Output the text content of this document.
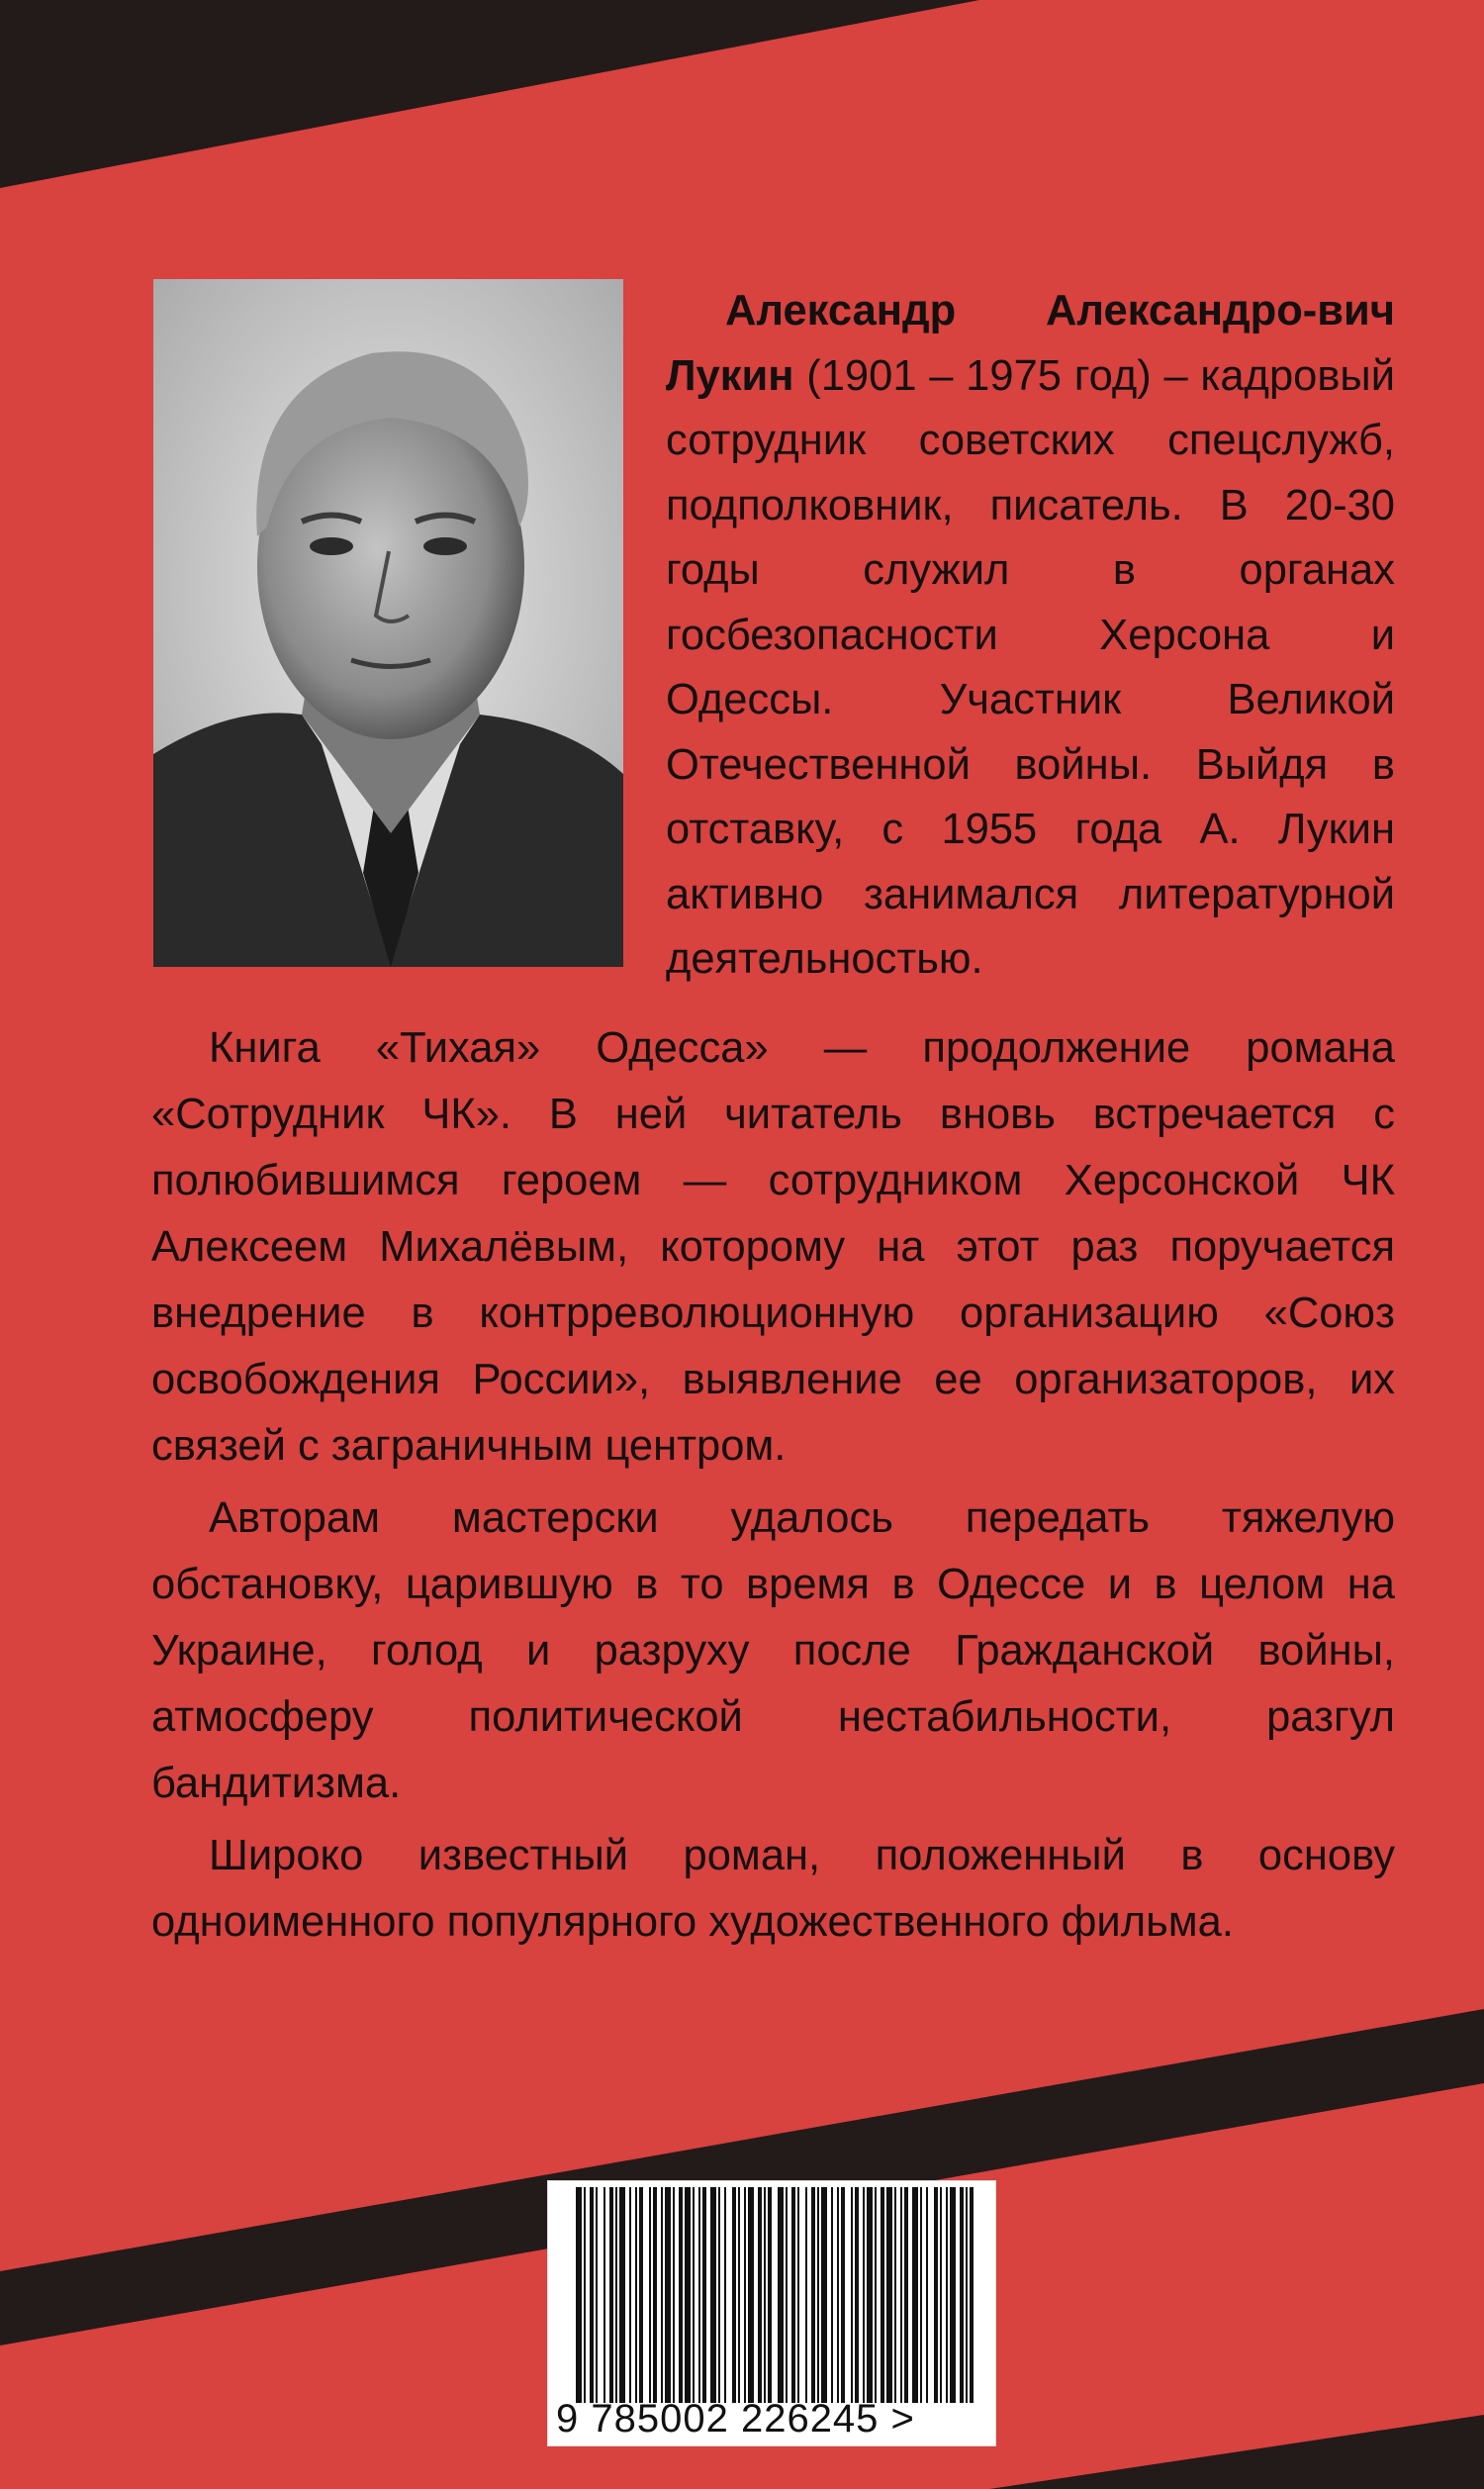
Александр Александро-вич Лукин (1901 – 1975 год) – кадровый сотрудник советских спецслужб, подполковник, писатель. В 20-30 годы служил в органах госбезопасности Херсона и Одессы. Участник Великой Отечественной войны. Выйдя в отставку, с 1955 года А. Лукин активно занимался литературной деятельностью.

Книга «Тихая» Одесса» — продолжение романа «Сотрудник ЧК». В ней читатель вновь встречается с полюбившимся героем — сотрудником Херсонской ЧК Алексеем Михалёвым, которому на этот раз поручается внедрение в контрреволюционную организацию «Союз освобождения России», выявление ее организаторов, их связей с заграничным центром.

Авторам мастерски удалось передать тяжелую обстановку, царившую в то время в Одессе и в целом на Украине, голод и разруху после Гражданской войны, атмосферу политической нестабильности, разгул бандитизма.

Широко известный роман, положенный в основу одноименного популярного художественного фильма.

9 785002 226245 >
